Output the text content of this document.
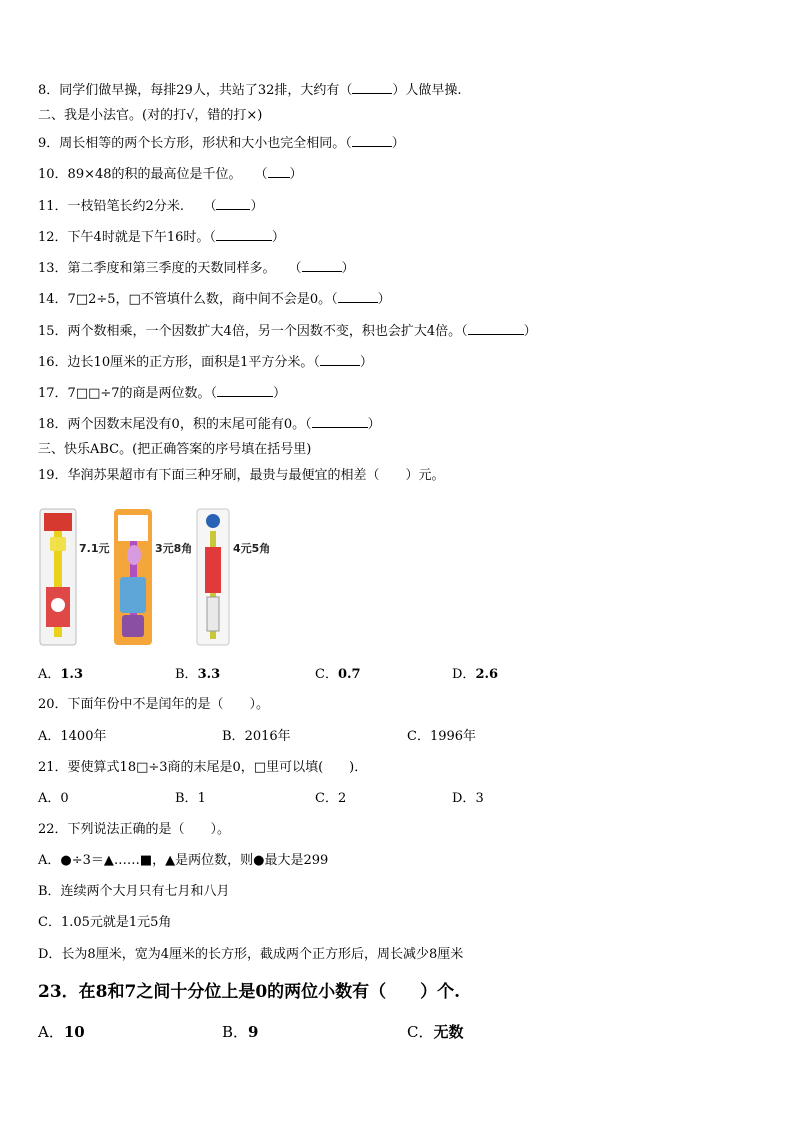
8．同学们做早操，每排29人，共站了32排，大约有（	）人做早操.
二、我是小法官。(对的打√，错的打×)
9．周长相等的两个长方形，形状和大小也完全相同。（	）
10．89×48的积的最高位是千位。　　（ ）
11．一枝铅笔长约2分米.　　（	）
12．下午4时就是下午16时。（	）
13．第二季度和第三季度的天数同样多。　　（	）
14．7□2÷5，□不管填什么数，商中间不会是0。（	）
15．两个数相乘，一个因数扩大4倍，另一个因数不变，积也会扩大4倍。（	）
16．边长10厘米的正方形，面积是1平方分米。（	）
17．7□□÷7的商是两位数。（	）
18．两个因数末尾没有0，积的末尾可能有0。（	）
三、快乐ABC。(把正确答案的序号填在括号里)
19．华润苏果超市有下面三种牙刷，最贵与最便宜的相差（　　）元。
7.1元	3元8角	4元5角
A．1.3	B．3.3	C．0.7	D．2.6
20．下面年份中不是闰年的是（　　）。
A．1400年	B．2016年	C．1996年
21．要使算式18□÷3商的末尾是0，□里可以填(　　)．
A．0	B．1	C．2	D．3
22．下列说法正确的是（　　）。
A．●÷3＝▲……■，▲是两位数，则●最大是299
B．连续两个大月只有七月和八月
C．1.05元就是1元5角
D．长为8厘米，宽为4厘米的长方形，截成两个正方形后，周长减少8厘米
23．在8和7之间十分位上是0的两位小数有（　　）个.
A．10	B．9	C．无数
